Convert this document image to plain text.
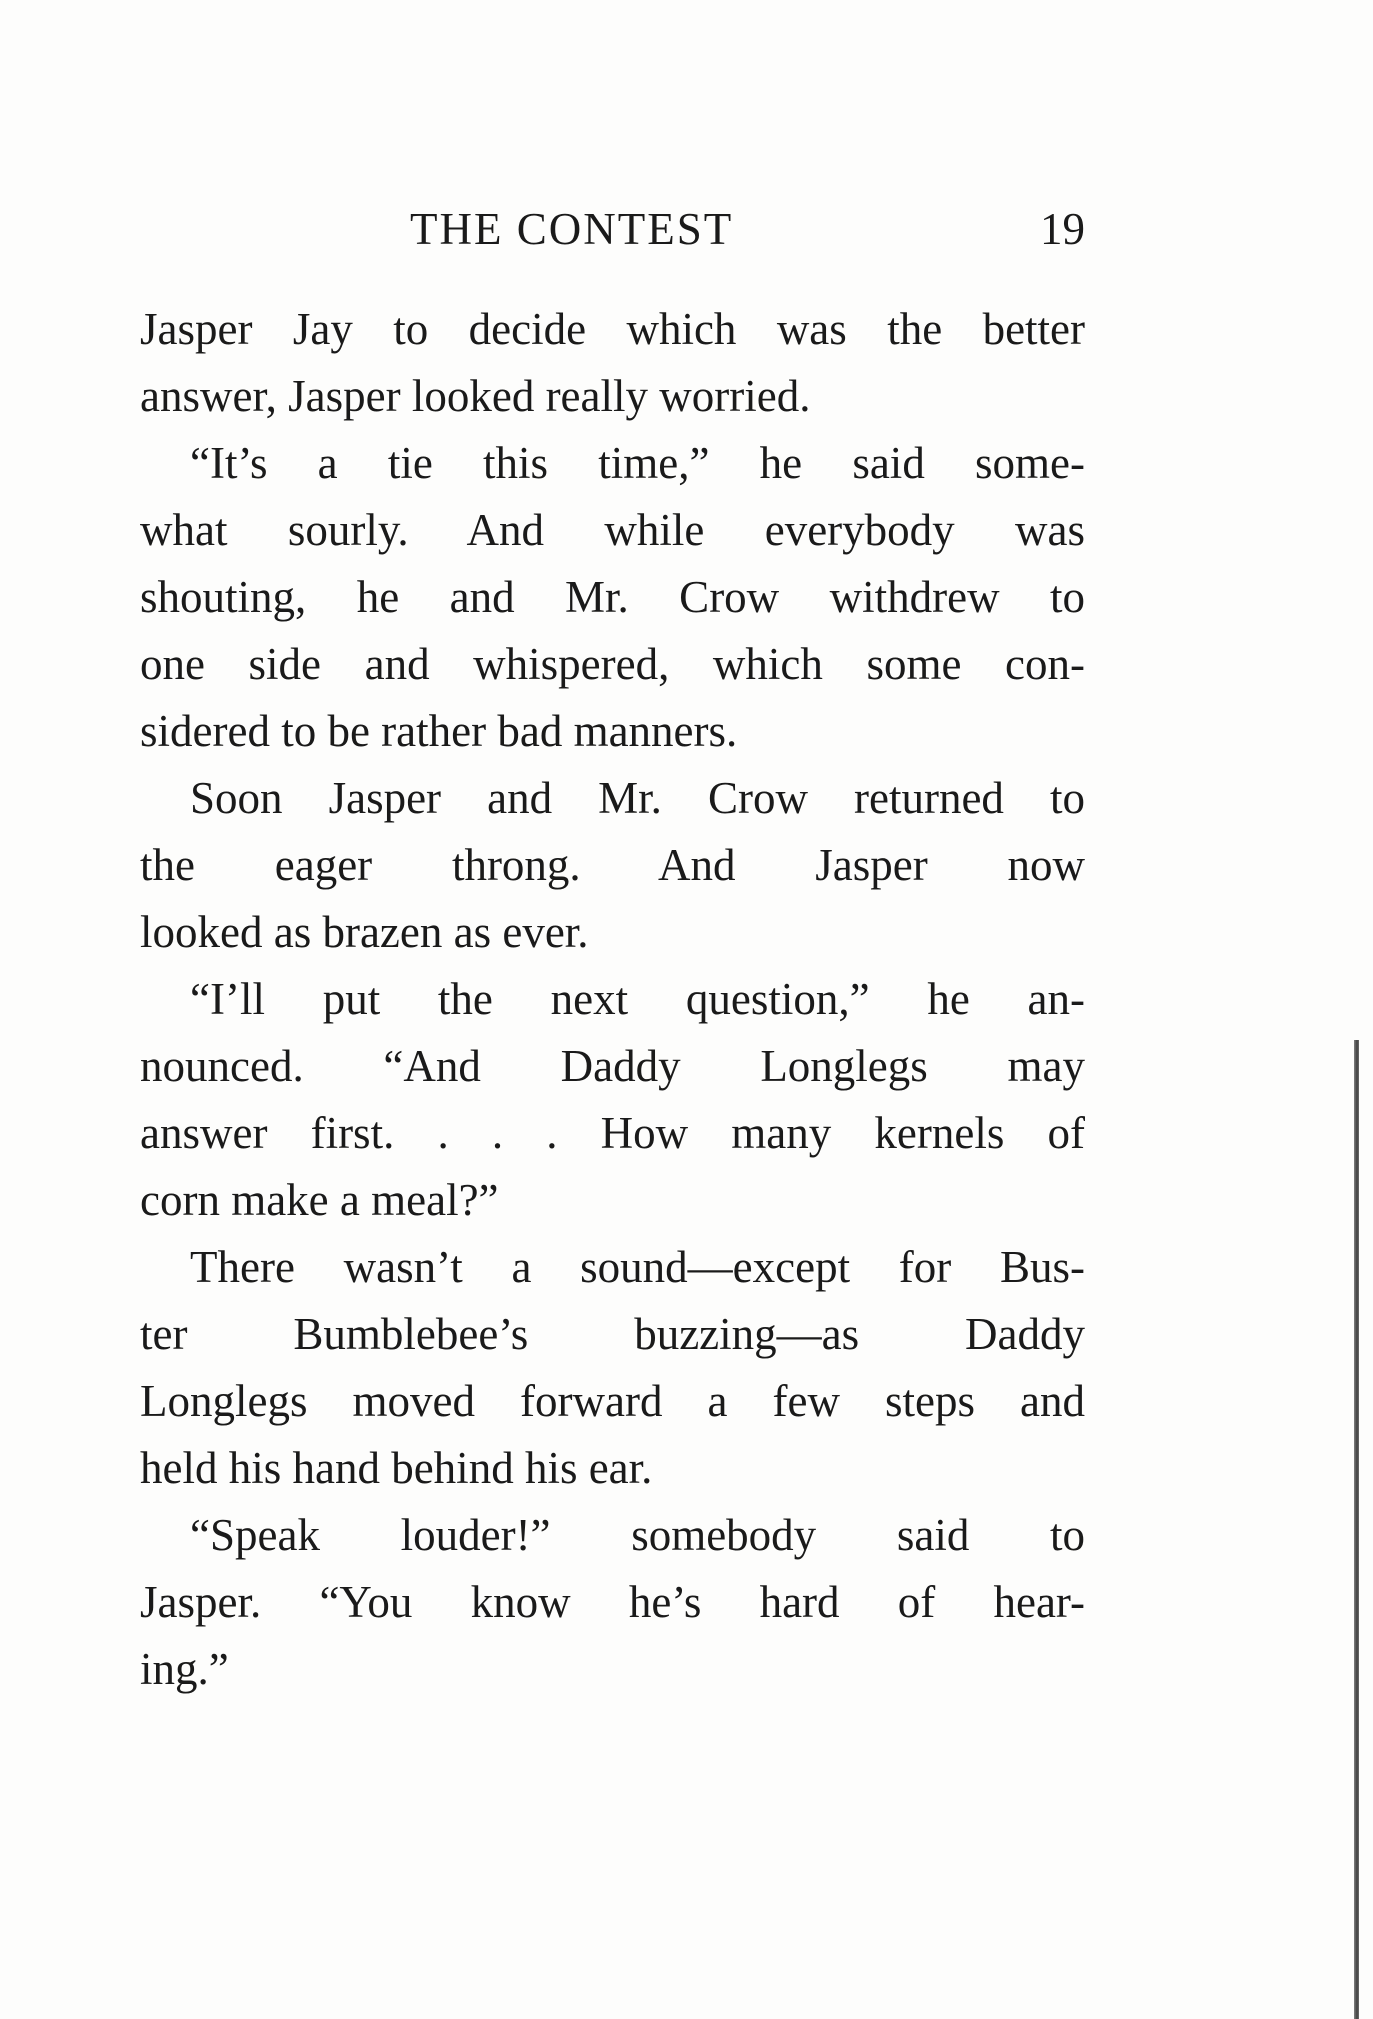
THE CONTEST	19

Jasper Jay to decide which was the better
answer, Jasper looked really worried.

“It’s a tie this time,” he said some-
what sourly. And while everybody was
shouting, he and Mr. Crow withdrew to
one side and whispered, which some con-
sidered to be rather bad manners.

Soon Jasper and Mr. Crow returned to
the eager throng. And Jasper now
looked as brazen as ever.

“I’ll put the next question,” he an-
nounced. “And Daddy Longlegs may
answer first. . . . How many kernels of
corn make a meal?”

There wasn’t a sound—except for Bus-
ter Bumblebee’s buzzing—as Daddy
Longlegs moved forward a few steps and
held his hand behind his ear.

“Speak louder!” somebody said to
Jasper. “You know he’s hard of hear-
ing.”
